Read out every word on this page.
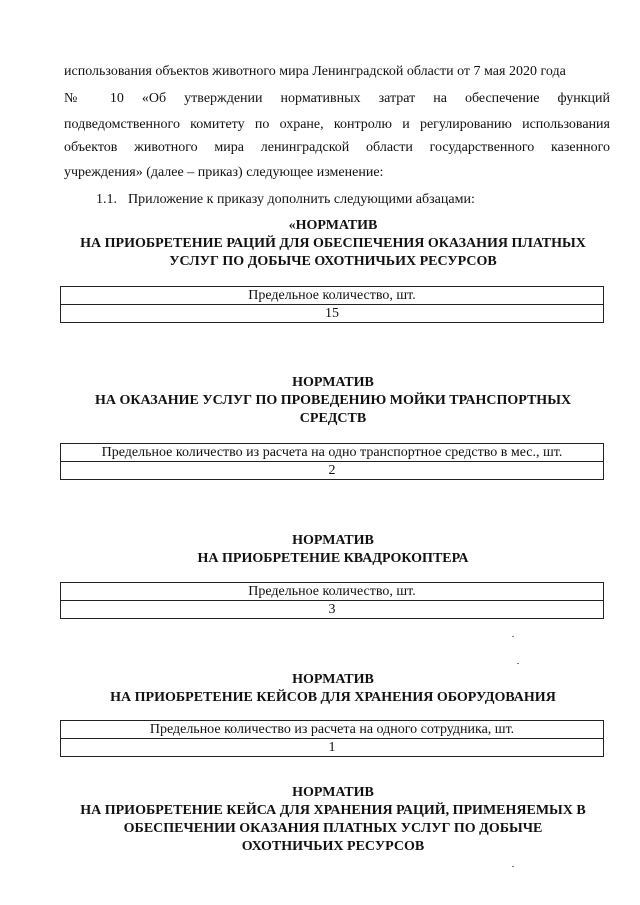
использования объектов животного мира Ленинградской области от 7 мая 2020 года
№ 10 «Об утверждении нормативных затрат на обеспечение функций
подведомственного комитету по охране, контролю и регулированию использования
объектов животного мира ленинградской области государственного казенного
учреждения» (далее – приказ) следующее изменение:
1.1. Приложение к приказу дополнить следующими абзацами:
«НОРМАТИВ
НА ПРИОБРЕТЕНИЕ РАЦИЙ ДЛЯ ОБЕСПЕЧЕНИЯ ОКАЗАНИЯ ПЛАТНЫХ
УСЛУГ ПО ДОБЫЧЕ ОХОТНИЧЬИХ РЕСУРСОВ
Предельное количество, шт.
15
НОРМАТИВ
НА ОКАЗАНИЕ УСЛУГ ПО ПРОВЕДЕНИЮ МОЙКИ ТРАНСПОРТНЫХ
СРЕДСТВ
Предельное количество из расчета на одно транспортное средство в мес., шт.
2
НОРМАТИВ
НА ПРИОБРЕТЕНИЕ КВАДРОКОПТЕРА
Предельное количество, шт.
3
НОРМАТИВ
НА ПРИОБРЕТЕНИЕ КЕЙСОВ ДЛЯ ХРАНЕНИЯ ОБОРУДОВАНИЯ
Предельное количество из расчета на одного сотрудника, шт.
1
НОРМАТИВ
НА ПРИОБРЕТЕНИЕ КЕЙСА ДЛЯ ХРАНЕНИЯ РАЦИЙ, ПРИМЕНЯЕМЫХ В
ОБЕСПЕЧЕНИИ ОКАЗАНИЯ ПЛАТНЫХ УСЛУГ ПО ДОБЫЧЕ
ОХОТНИЧЬИХ РЕСУРСОВ
